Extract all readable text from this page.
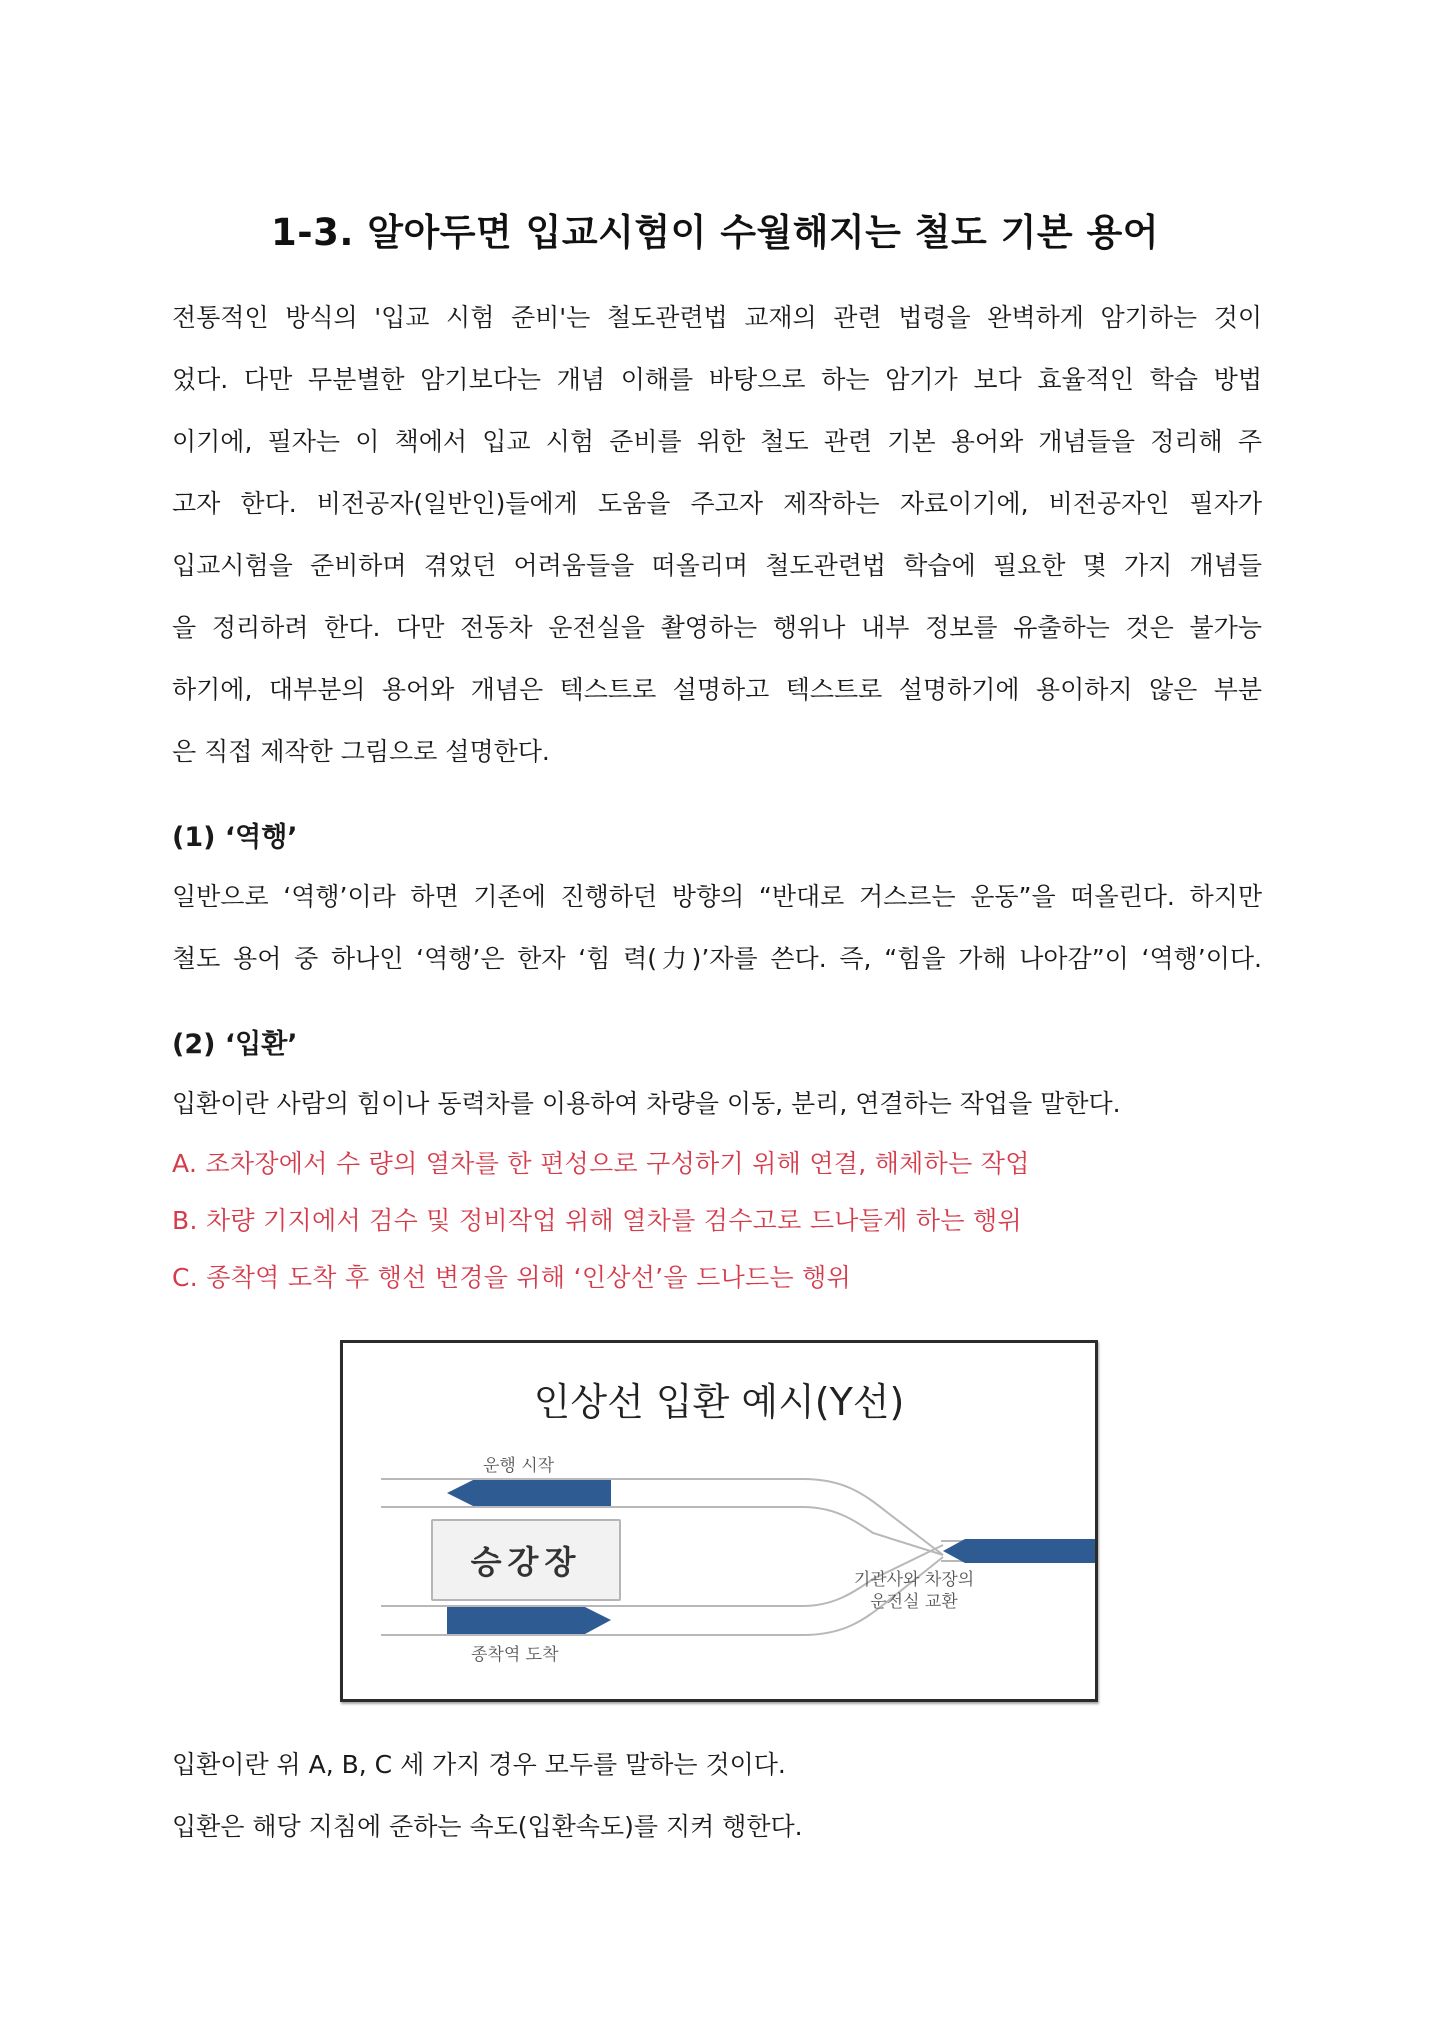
1-3. 알아두면 입교시험이 수월해지는 철도 기본 용어
전통적인 방식의 '입교 시험 준비'는 철도관련법 교재의 관련 법령을 완벽하게 암기하는 것이
었다. 다만 무분별한 암기보다는 개념 이해를 바탕으로 하는 암기가 보다 효율적인 학습 방법
이기에, 필자는 이 책에서 입교 시험 준비를 위한 철도 관련 기본 용어와 개념들을 정리해 주
고자 한다. 비전공자(일반인)들에게 도움을 주고자 제작하는 자료이기에, 비전공자인 필자가
입교시험을 준비하며 겪었던 어려움들을 떠올리며 철도관련법 학습에 필요한 몇 가지 개념들
을 정리하려 한다. 다만 전동차 운전실을 촬영하는 행위나 내부 정보를 유출하는 것은 불가능
하기에, 대부분의 용어와 개념은 텍스트로 설명하고 텍스트로 설명하기에 용이하지 않은 부분
은 직접 제작한 그림으로 설명한다.
(1) ‘역행’
일반으로 ‘역행’이라 하면 기존에 진행하던 방향의 “반대로 거스르는 운동”을 떠올린다. 하지만
철도 용어 중 하나인 ‘역행’은 한자 ‘힘 력(力)’자를 쓴다. 즉, “힘을 가해 나아감”이 ‘역행’이다.
(2) ‘입환’
입환이란 사람의 힘이나 동력차를 이용하여 차량을 이동, 분리, 연결하는 작업을 말한다.
A. 조차장에서 수 량의 열차를 한 편성으로 구성하기 위해 연결, 해체하는 작업
B. 차량 기지에서 검수 및 정비작업 위해 열차를 검수고로 드나들게 하는 행위
C. 종착역 도착 후 행선 변경을 위해 ‘인상선’을 드나드는 행위
인상선 입환 예시(Y선)
운행 시작
승강장
종착역 도착
기관사와 차장의
운전실 교환
입환이란 위 A, B, C 세 가지 경우 모두를 말하는 것이다.
입환은 해당 지침에 준하는 속도(입환속도)를 지켜 행한다.
